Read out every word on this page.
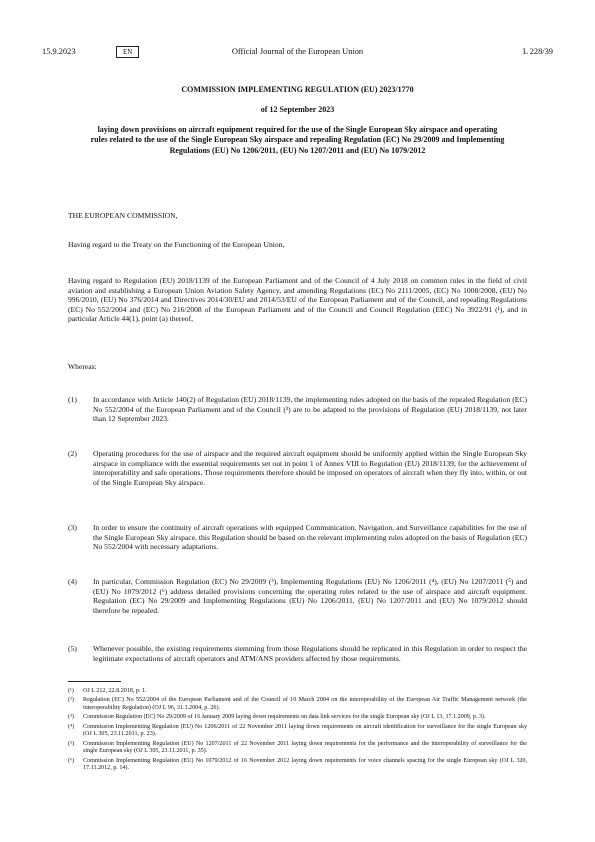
15.9.2023	EN	Official Journal of the European Union	L 228/39
COMMISSION IMPLEMENTING REGULATION (EU) 2023/1770
of 12 September 2023
laying down provisions on aircraft equipment required for the use of the Single European Sky airspace and operating rules related to the use of the Single European Sky airspace and repealing Regulation (EC) No 29/2009 and Implementing Regulations (EU) No 1206/2011, (EU) No 1207/2011 and (EU) No 1079/2012
THE EUROPEAN COMMISSION,
Having regard to the Treaty on the Functioning of the European Union,
Having regard to Regulation (EU) 2018/1139 of the European Parliament and of the Council of 4 July 2018 on common rules in the field of civil aviation and establishing a European Union Aviation Safety Agency, and amending Regulations (EC) No 2111/2005, (EC) No 1008/2008, (EU) No 996/2010, (EU) No 376/2014 and Directives 2014/30/EU and 2014/53/EU of the European Parliament and of the Council, and repealing Regulations (EC) No 552/2004 and (EC) No 216/2008 of the European Parliament and of the Council and Council Regulation (EEC) No 3922/91 (¹), and in particular Article 44(1), point (a) thereof,
Whereas:
(1) In accordance with Article 140(2) of Regulation (EU) 2018/1139, the implementing rules adopted on the basis of the repealed Regulation (EC) No 552/2004 of the European Parliament and of the Council (²) are to be adapted to the provisions of Regulation (EU) 2018/1139, not later than 12 September 2023.
(2) Operating procedures for the use of airspace and the required aircraft equipment should be uniformly applied within the Single European Sky airspace in compliance with the essential requirements set out in point 1 of Annex VIII to Regulation (EU) 2018/1139, for the achievement of interoperability and safe operations. Those requirements therefore should be imposed on operators of aircraft when they fly into, within, or out of the Single European Sky airspace.
(3) In order to ensure the continuity of aircraft operations with equipped Communication, Navigation, and Surveillance capabilities for the use of the Single European Sky airspace, this Regulation should be based on the relevant implementing rules adopted on the basis of Regulation (EC) No 552/2004 with necessary adaptations.
(4) In particular, Commission Regulation (EC) No 29/2009 (³), Implementing Regulations (EU) No 1206/2011 (⁴), (EU) No 1207/2011 (⁵) and (EU) No 1079/2012 (⁶) address detailed provisions concerning the operating rules related to the use of airspace and aircraft equipment. Regulation (EC) No 29/2009 and Implementing Regulations (EU) No 1206/2011, (EU) No 1207/2011 and (EU) No 1079/2012 should therefore be repealed.
(5) Whenever possible, the existing requirements stemming from those Regulations should be replicated in this Regulation in order to respect the legitimate expectations of aircraft operators and ATM/ANS providers affected by those requirements.
(¹) OJ L 212, 22.8.2018, p. 1.
(²) Regulation (EC) No 552/2004 of the European Parliament and of the Council of 10 March 2004 on the interoperability of the European Air Traffic Management network (the interoperability Regulation) (OJ L 96, 31.3.2004, p. 26).
(³) Commission Regulation (EC) No 29/2009 of 16 January 2009 laying down requirements on data link services for the single European sky (OJ L 13, 17.1.2009, p. 3).
(⁴) Commission Implementing Regulation (EU) No 1206/2011 of 22 November 2011 laying down requirements on aircraft identification for surveillance for the single European sky (OJ L 305, 23.11.2011, p. 23).
(⁵) Commission Implementing Regulation (EU) No 1207/2011 of 22 November 2011 laying down requirements for the performance and the interoperability of surveillance for the single European sky (OJ L 305, 23.11.2011, p. 35).
(⁶) Commission Implementing Regulation (EU) No 1079/2012 of 16 November 2012 laying down requirements for voice channels spacing for the single European sky (OJ L 320, 17.11.2012, p. 14).
